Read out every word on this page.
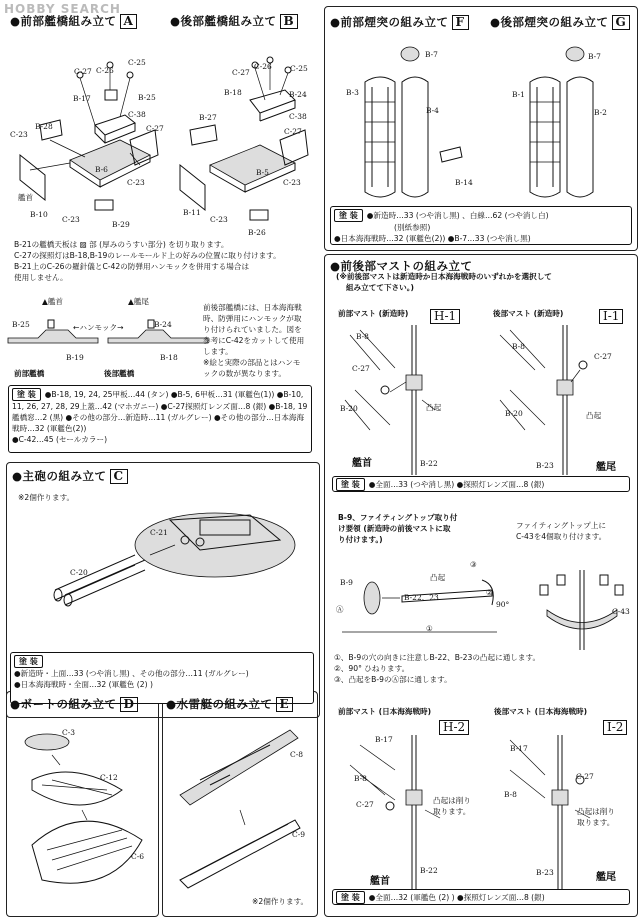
HOBBY SEARCH
●前部艦橋組み立て A
C-27 C-26
C-25
B-17	B-25
C-38
B-28	C-27
C-23
B-6
C-23
B-10
C-23
B-29
艦首
●後部艦橋組み立て B
C-27
C-26 C-25
B-18	B-24
B-27	C-38
C-27
B-5
C-23
B-11
C-23
B-26
B-21の艦橋天板は ▨ 部 (厚みのうすい部分) を切り取ります。
C-27の探照灯はB-18,B-19のレールモールド上の好みの位置に取り付けます。
B-21上のC-26の羅針儀とC-42の防弾用ハンモックを併用する場合は
使用しません。
▲艦首	▲艦尾
←ハンモック→
B-25
B-19
B-24
B-18
前部艦橋	後部艦橋
前後部艦橋には、日本海海戦
時、防弾用にハンモックが取
り付けられていました。図を
参考にC-42をカットして使用
します。
※絵と実際の部品とはハンモ
ックの数が異なります。
塗 装 ●B-18, 19, 24, 25甲板…44 (タン) ●B-5, 6甲板…31 (軍艦色(1)) ●B-10, 11, 26, 27, 28, 29上蓋…42 (マホガニー) ●C-27探照灯レンズ面…8 (銀) ●B-18, 19艦橋窓…2 (黒) ●その他の部分…新造時…11 (ガルグレー) ●その他の部分…日本海海戦時…32 (軍艦色(2))
●C-42…45 (セールカラー)
●主砲の組み立て C
※2個作ります。
C-21
C-20
塗 装
●新造時・上面…33 (つや消し黒) 、その他の部分…11 (ガルグレー)
●日本海海戦時・全面…32 (軍艦色 (2) )
●ボートの組み立て D
C-3
C-12
C-6
●水雷艇の組み立て E
C-8
C-9
※2個作ります。
●前部煙突の組み立て F	●後部煙突の組み立て G
B-7
B-3
B-4
B-14
B-7
B-1
B-2
塗 装 ●新造時…33 (つや消し黒) 、白線…62 (つや消し白)
(別紙参照)
●日本海海戦時…32 (軍艦色(2)) ●B-7…33 (つや消し黒)
●前後部マストの組み立て
(※前後部マストは新造時か日本海海戦時のいずれかを選択して
組み立てて下さい。)
前部マスト (新造時)	H-1
B-8
C-27
B-20
B-22
凸起
艦首
後部マスト (新造時)	I-1
B-8
C-27
B-20
B-23
凸起
艦尾
塗 装 ●全面…33 (つや消し黒) ●探照灯レンズ面…8 (銀)
B-9、ファイティングトップ取り付
け要領 (新造時の前後マストに取
り付けます。)
ファイティングトップ上に
C-43を4個取り付けます。
B-9
B-22、23
凸起
90°
③
②
①
Ⓐ	C-43
①、B-9の穴の向きに注意しB-22、B-23の凸起に通します。
②、90° ひねります。
③、凸起をB-9のⒶ部に通します。
前部マスト (日本海海戦時)
H-2
B-17
B-8
C-27
B-22
凸起は削り
取ります。
艦首
後部マスト (日本海海戦時)
I-2
B-17
B-8
C-27
B-23
凸起は削り
取ります。
艦尾
塗 装 ●全面…32 (軍艦色 (2) ) ●探照灯レンズ面…8 (銀)
